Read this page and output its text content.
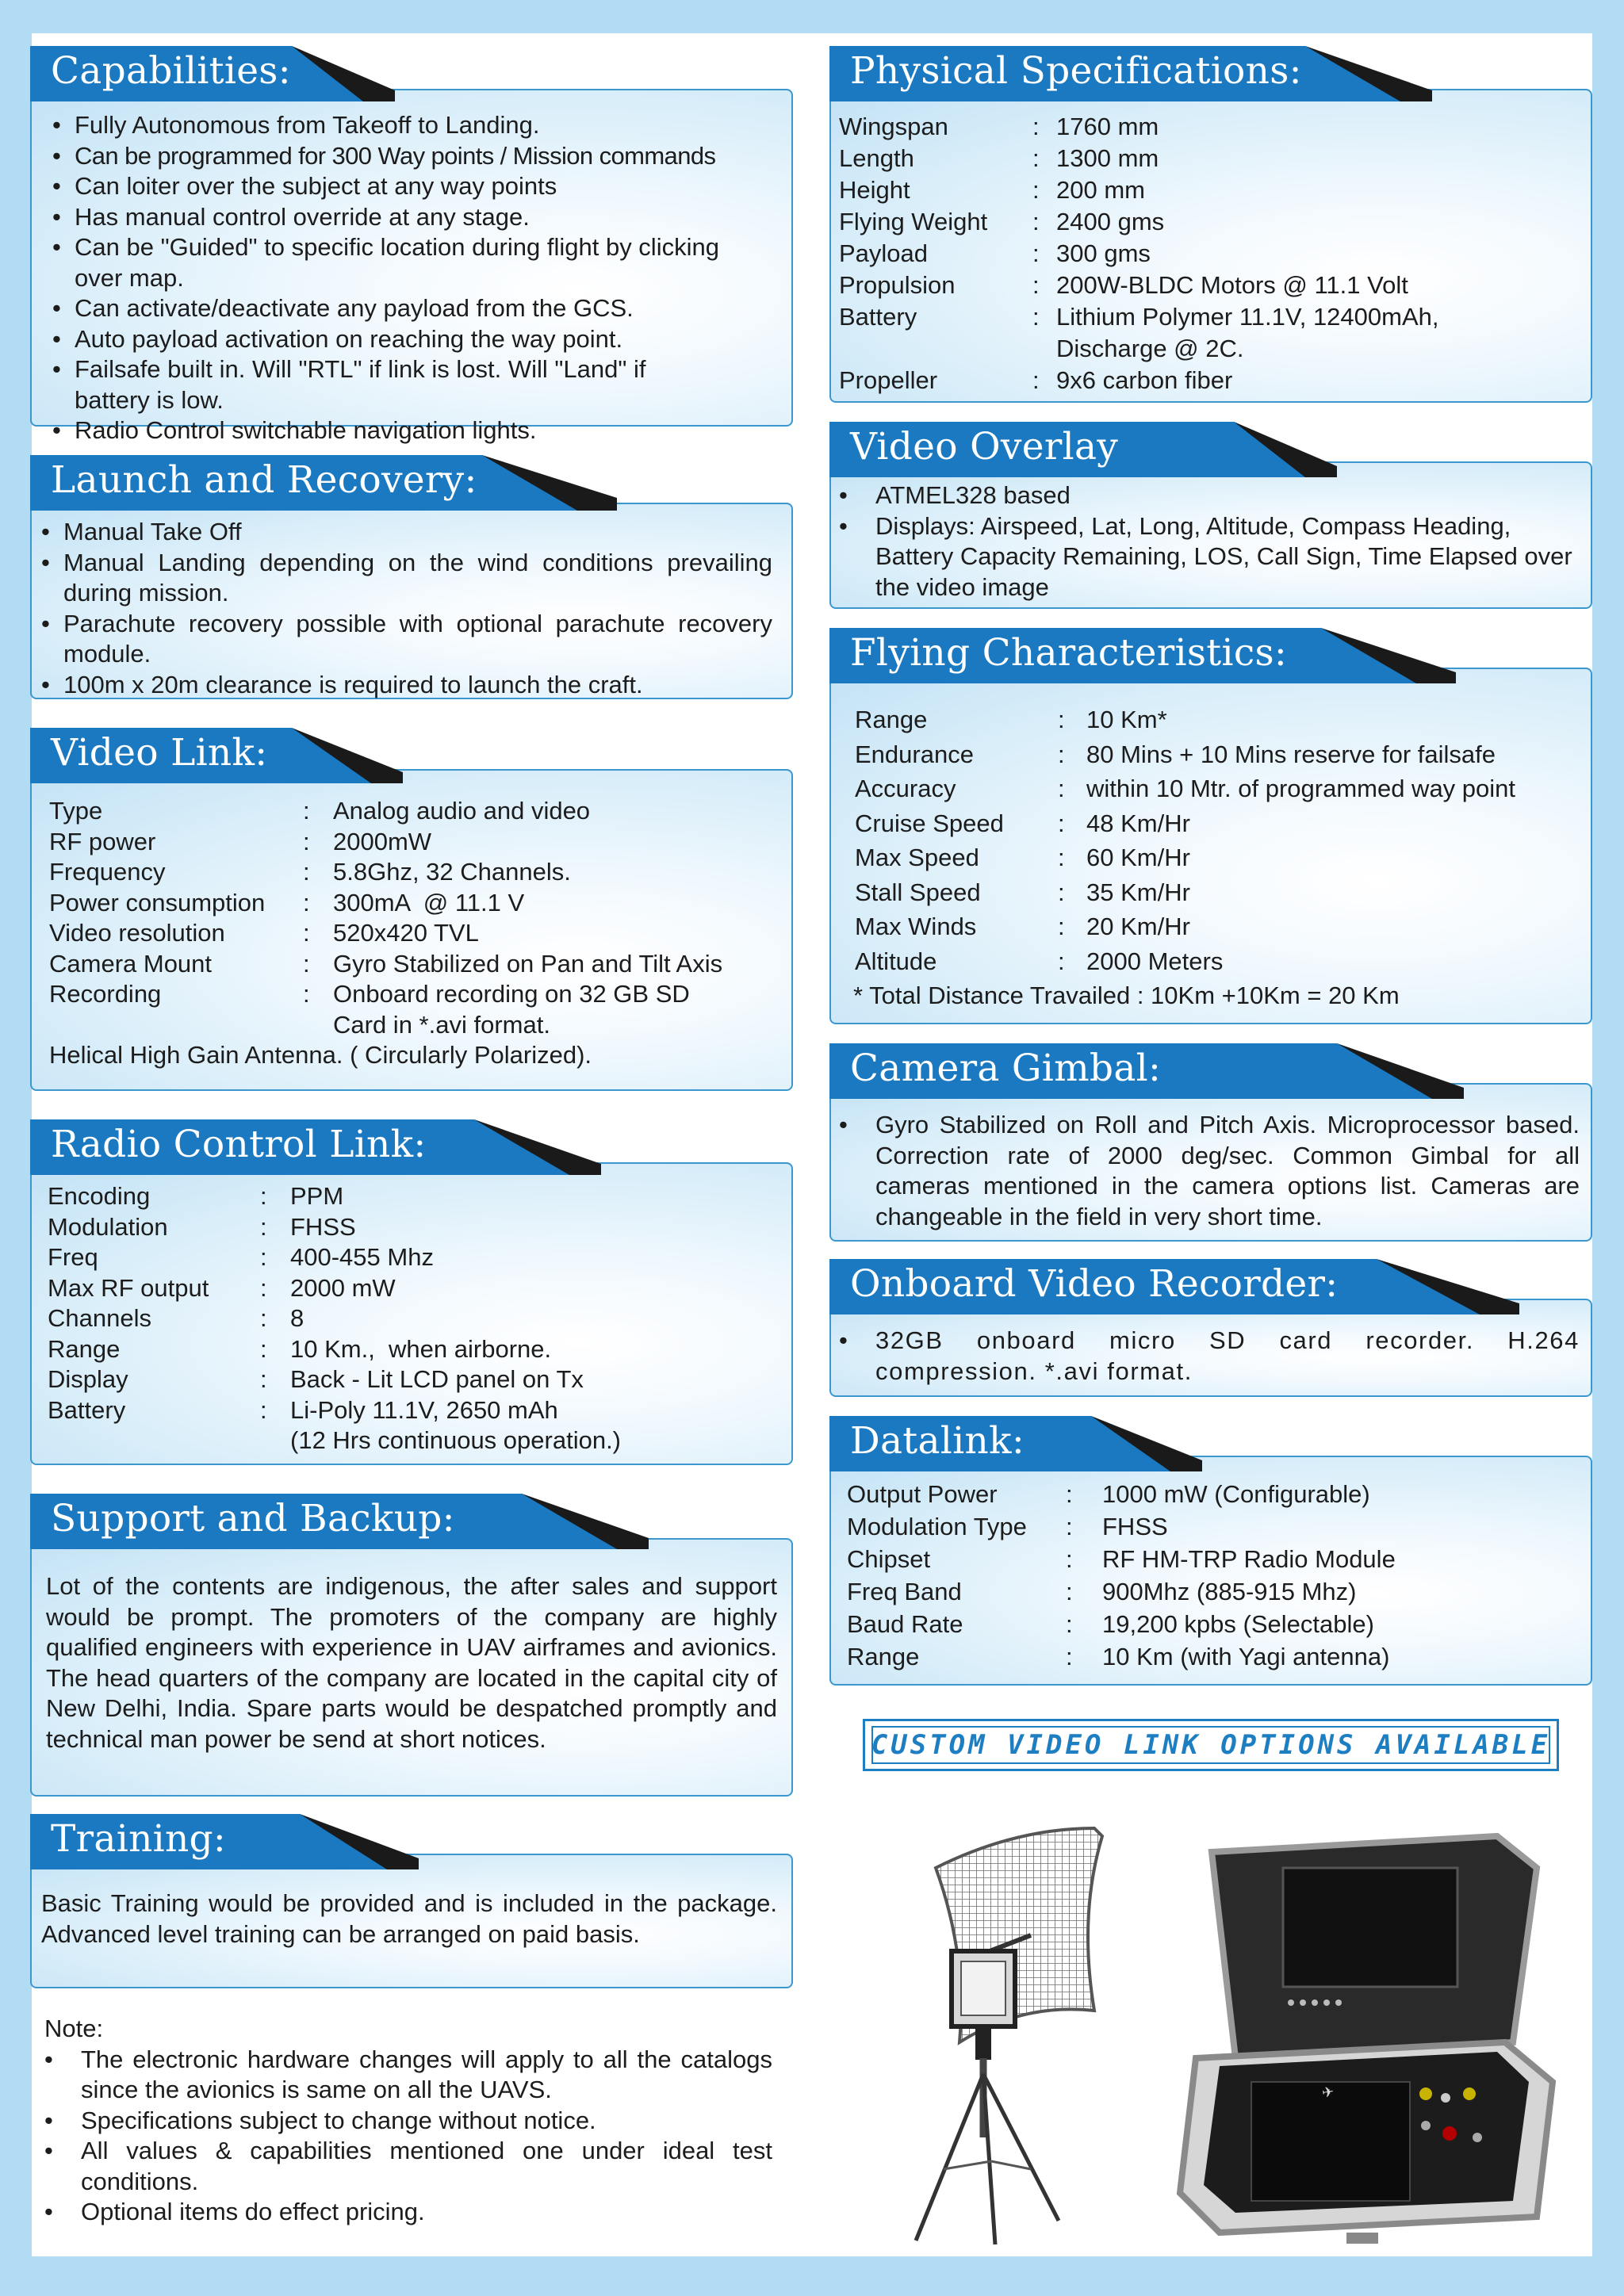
Capabilities:
• Fully Autonomous from Takeoff to Landing.
• Can be programmed for 300 Way points / Mission commands
• Can loiter over the subject at any way points
• Has manual control override at any stage.
• Can be "Guided" to specific location during flight by clicking over map.
• Can activate/deactivate any payload from the GCS.
• Auto payload activation on reaching the way point.
• Failsafe built in. Will "RTL" if link is lost. Will "Land" if battery is low.
• Radio Control switchable navigation lights.
Launch and Recovery:
• Manual Take Off
• Manual Landing depending on the wind conditions prevailing during mission.
• Parachute recovery possible with optional parachute recovery module.
• 100m x 20m clearance is required to launch the craft.
Video Link:
Type	:	Analog audio and video
RF power	:	2000mW
Frequency	:	5.8Ghz, 32 Channels.
Power consumption	:	300mA  @ 11.1 V
Video resolution	:	520x420 TVL
Camera Mount	:	Gyro Stabilized on Pan and Tilt Axis
Recording	:	Onboard recording on 32 GB SD
Card in *.avi format.
Helical High Gain Antenna. ( Circularly Polarized).
Radio Control Link:
Encoding	:	PPM
Modulation	:	FHSS
Freq	:	400-455 Mhz
Max RF output	:	2000 mW
Channels	:	8
Range	:	10 Km.,  when airborne.
Display	:	Back - Lit LCD panel on Tx
Battery	:	Li-Poly 11.1V, 2650 mAh
(12 Hrs continuous operation.)
Support and Backup:
Lot of the contents are indigenous, the after sales and support would be prompt. The promoters of the company are highly qualified engineers with experience in UAV airframes and avionics. The head quarters of the company are located in the capital city of New Delhi, India. Spare parts would be despatched promptly and technical man power be send at short notices.
Training:
Basic Training would be provided and is included in the package. Advanced level training can be arranged on paid basis.
Note:
• The electronic hardware changes will apply to all the catalogs since the avionics is same on all the UAVS.
• Specifications subject to change without notice.
• All values & capabilities mentioned one under ideal test conditions.
• Optional items do effect pricing.
Physical Specifications:
Wingspan	:	1760 mm
Length	:	1300 mm
Height	:	200 mm
Flying Weight	:	2400 gms
Payload	:	300 gms
Propulsion	:	200W-BLDC Motors @ 11.1 Volt
Battery	:	Lithium Polymer 11.1V, 12400mAh,
Discharge @ 2C.

Propeller	:	9x6 carbon fiber
Video Overlay
• ATMEL328 based
• Displays: Airspeed, Lat, Long, Altitude, Compass Heading, Battery Capacity Remaining, LOS, Call Sign, Time Elapsed over the video image
Flying Characteristics:
Range	:	10 Km*
Endurance	:	80 Mins + 10 Mins reserve for failsafe
Accuracy	:	within 10 Mtr. of programmed way point
Cruise Speed	:	48 Km/Hr
Max Speed	:	60 Km/Hr
Stall Speed	:	35 Km/Hr
Max Winds	:	20 Km/Hr
Altitude	:	2000 Meters
* Total Distance Travailed : 10Km +10Km = 20 Km
Camera Gimbal:
• Gyro Stabilized on Roll and Pitch Axis. Microprocessor based. Correction rate of 2000 deg/sec. Common Gimbal for all cameras mentioned in the camera options list. Cameras are changeable in the field in very short time.
Onboard Video Recorder:
• 32GB onboard micro SD card recorder. H.264 compression. *.avi format.
Datalink:
Output Power	:	1000 mW (Configurable)
Modulation Type	:	FHSS
Chipset	:	RF HM-TRP Radio Module
Freq Band	:	900Mhz (885-915 Mhz)
Baud Rate	:	19,200 kpbs (Selectable)
Range	:	10 Km (with Yagi antenna)
CUSTOM VIDEO LINK OPTIONS AVAILABLE
✈
